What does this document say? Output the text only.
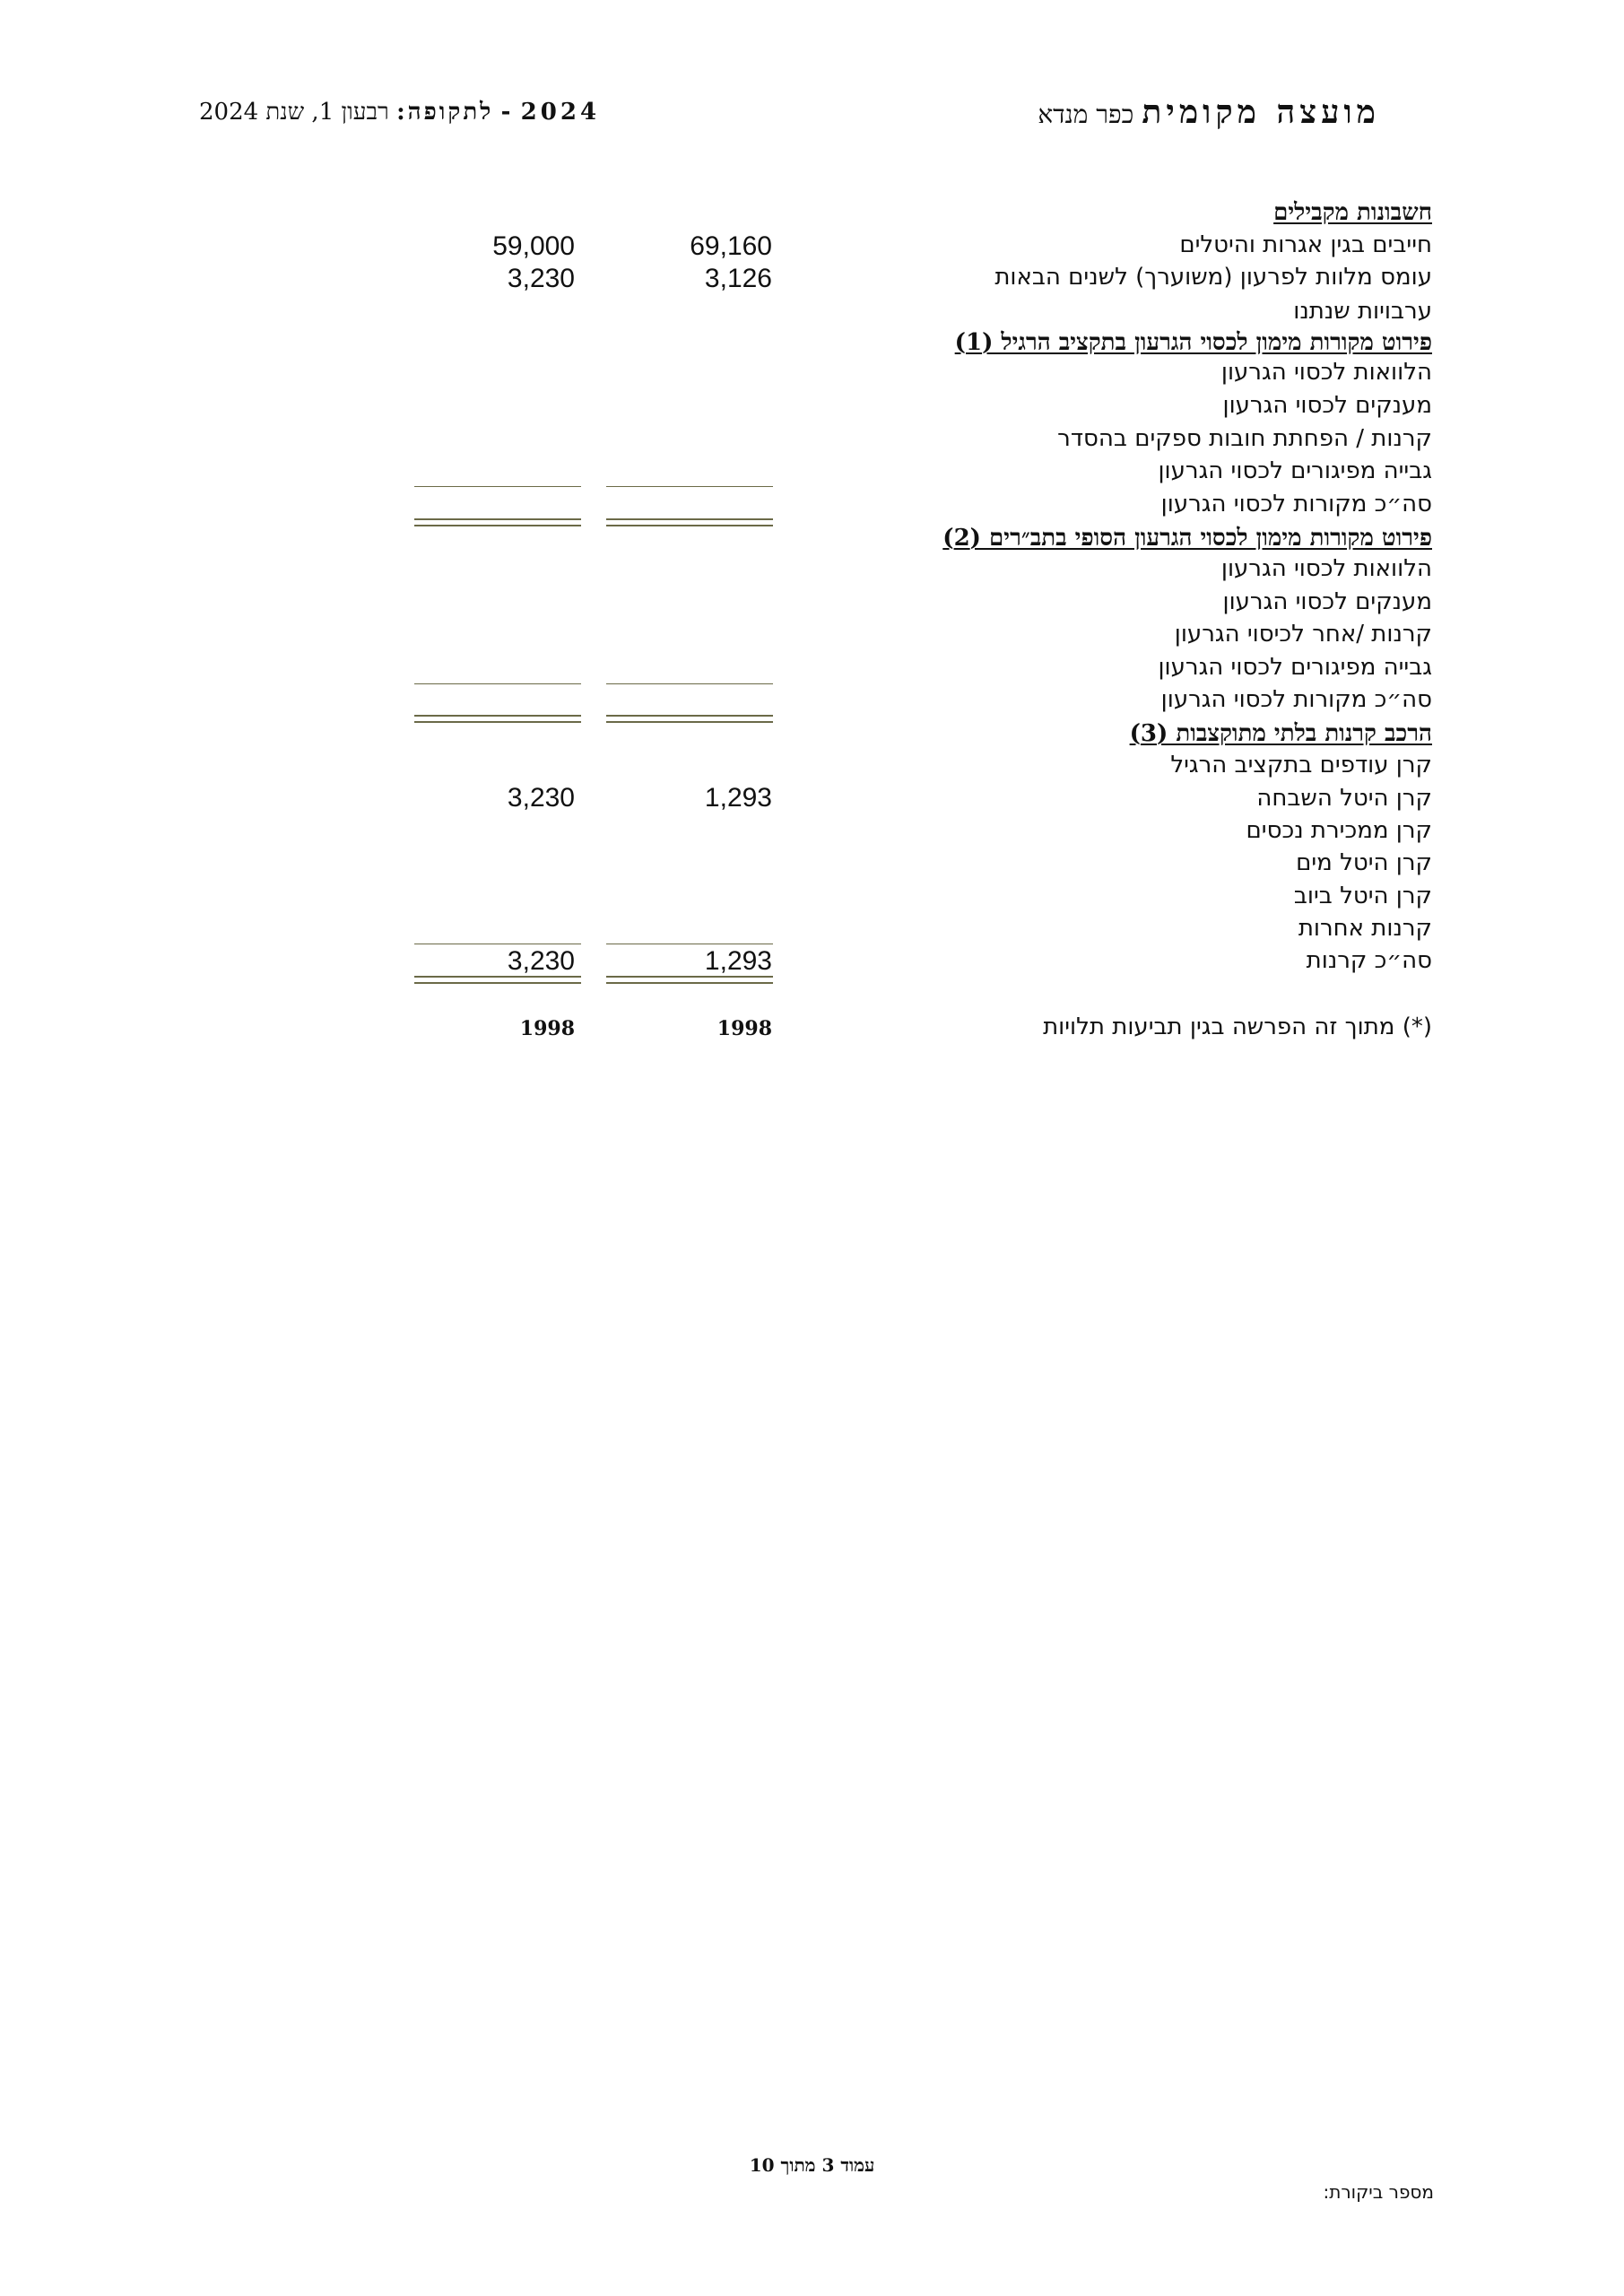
מועצה מקומית כפר מנדא
2024 - לתקופה: רבעון 1, שנת 2024
חשבונות מקבילים
חייבים בגין אגרות והיטלים
69,160
59,000
עומס מלוות לפרעון (משוערך) לשנים הבאות
3,126
3,230
ערבויות שנתנו
פירוט מקורות מימון לכסוי הגרעון בתקציב הרגיל (1)
הלוואות לכסוי הגרעון
מענקים לכסוי הגרעון
קרנות / הפחתת חובות ספקים בהסדר
גבייה מפיגורים לכסוי הגרעון
סה״כ מקורות לכסוי הגרעון
פירוט מקורות מימון לכסוי הגרעון הסופי בתב״רים (2)
הלוואות לכסוי הגרעון
מענקים לכסוי הגרעון
קרנות /אחר לכיסוי הגרעון
גבייה מפיגורים לכסוי הגרעון
סה״כ מקורות לכסוי הגרעון
הרכב קרנות בלתי מתוקצבות (3)
קרן עודפים בתקציב הרגיל
קרן היטל השבחה
1,293
3,230
קרן ממכירת נכסים
קרן היטל מים
קרן היטל ביוב
קרנות אחרות
סה״כ קרנות
1,293
3,230
(*) מתוך זה הפרשה בגין תביעות תלויות
1998
1998
עמוד 3 מתוך 10
מספר ביקורת:
